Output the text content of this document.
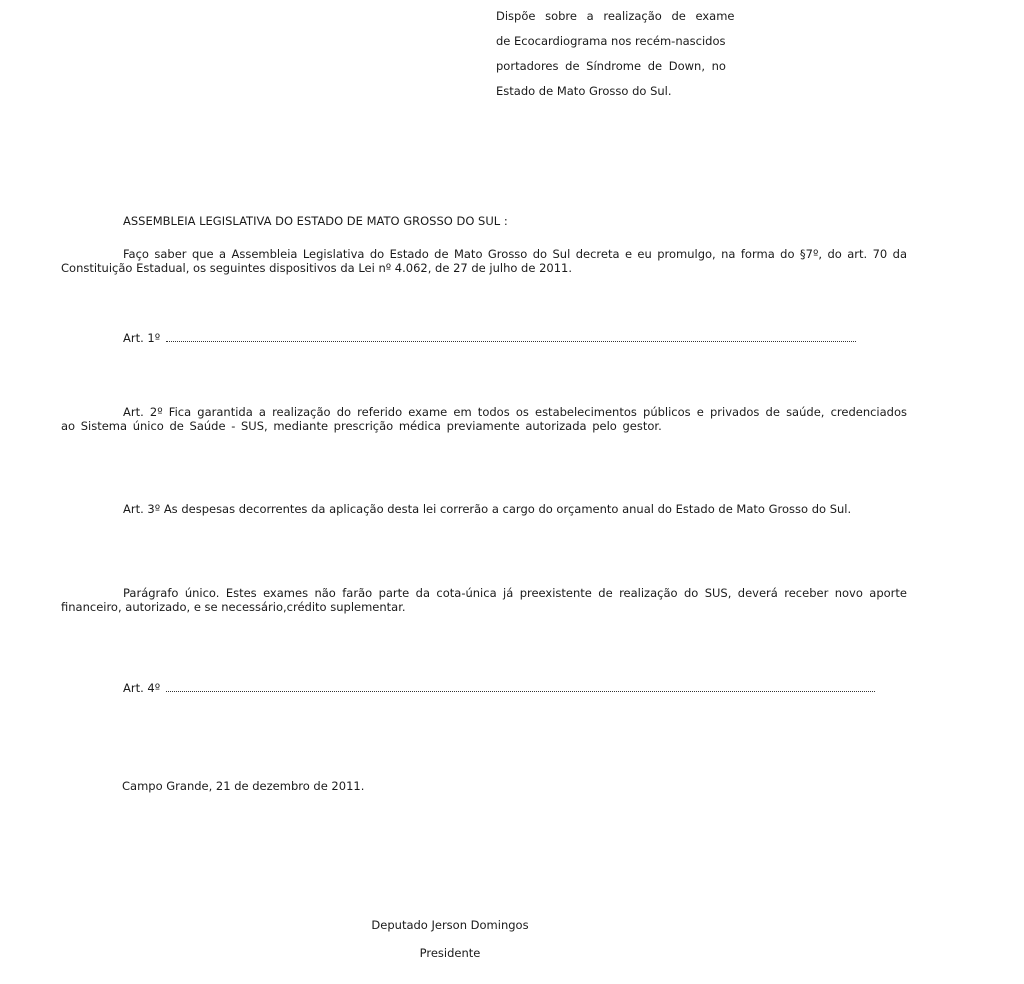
Dispõe sobre a realização de exame
de Ecocardiograma nos recém-nascidos
portadores de Síndrome de Down, no
Estado de Mato Grosso do Sul.
ASSEMBLEIA LEGISLATIVA DO ESTADO DE MATO GROSSO DO SUL :
Faço saber que a Assembleia Legislativa do Estado de Mato Grosso do Sul decreta e eu promulgo, na forma do §7º, do art. 70 da Constituição Estadual, os seguintes dispositivos da Lei nº 4.062, de 27 de julho de 2011.
Art. 1º
Art. 2º Fica garantida a realização do referido exame em todos os estabelecimentos públicos e privados de saúde, credenciados ao Sistema único de Saúde - SUS, mediante prescrição médica previamente autorizada pelo gestor.
Art. 3º As despesas decorrentes da aplicação desta lei correrão a cargo do orçamento anual do Estado de Mato Grosso do Sul.
Parágrafo único. Estes exames não farão parte da cota-única já preexistente de realização do SUS, deverá receber novo aporte financeiro, autorizado, e se necessário,crédito suplementar.
Art. 4º
Campo Grande, 21 de dezembro de 2011.
Deputado Jerson Domingos
Presidente
